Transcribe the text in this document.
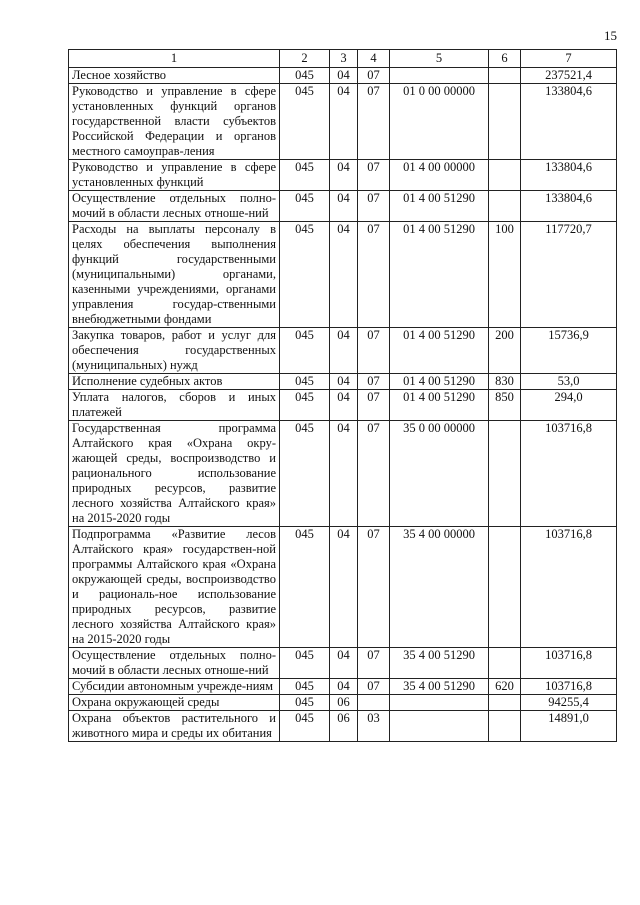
15
1	2	3	4	5	6	7
Лесное хозяйство	045	04	07			237521,4
Руководство и управление в сфере установленных функций органов государственной власти субъектов Российской Федерации и органов местного самоуправ-ления	045	04	07	01 0 00 00000		133804,6
Руководство и управление в сфере установленных функций	045	04	07	01 4 00 00000		133804,6
Осуществление отдельных полно-мочий в области лесных отноше-ний	045	04	07	01 4 00 51290		133804,6
Расходы на выплаты персоналу в целях обеспечения выполнения функций государственными (муниципальными) органами, казенными учреждениями, органами управления государ-ственными внебюджетными фондами	045	04	07	01 4 00 51290	100	117720,7
Закупка товаров, работ и услуг для обеспечения государственных (муниципальных) нужд	045	04	07	01 4 00 51290	200	15736,9
Исполнение судебных актов	045	04	07	01 4 00 51290	830	53,0
Уплата налогов, сборов и иных платежей	045	04	07	01 4 00 51290	850	294,0
Государственная программа Алтайского края «Охрана окру-жающей среды, воспроизводство и рационального использование природных ресурсов, развитие лесного хозяйства Алтайского края» на 2015-2020 годы	045	04	07	35 0 00 00000		103716,8
Подпрограмма «Развитие лесов Алтайского края» государствен-ной программы Алтайского края «Охрана окружающей среды, воспроизводство и рациональ-ное использование природных ресурсов, развитие лесного хозяйства Алтайского края» на 2015-2020 годы	045	04	07	35 4 00 00000		103716,8
Осуществление отдельных полно-мочий в области лесных отноше-ний	045	04	07	35 4 00 51290		103716,8
Субсидии автономным учрежде-ниям	045	04	07	35 4 00 51290	620	103716,8
Охрана окружающей среды	045	06				94255,4
Охрана объектов растительного и животного мира и среды их обитания	045	06	03			14891,0
